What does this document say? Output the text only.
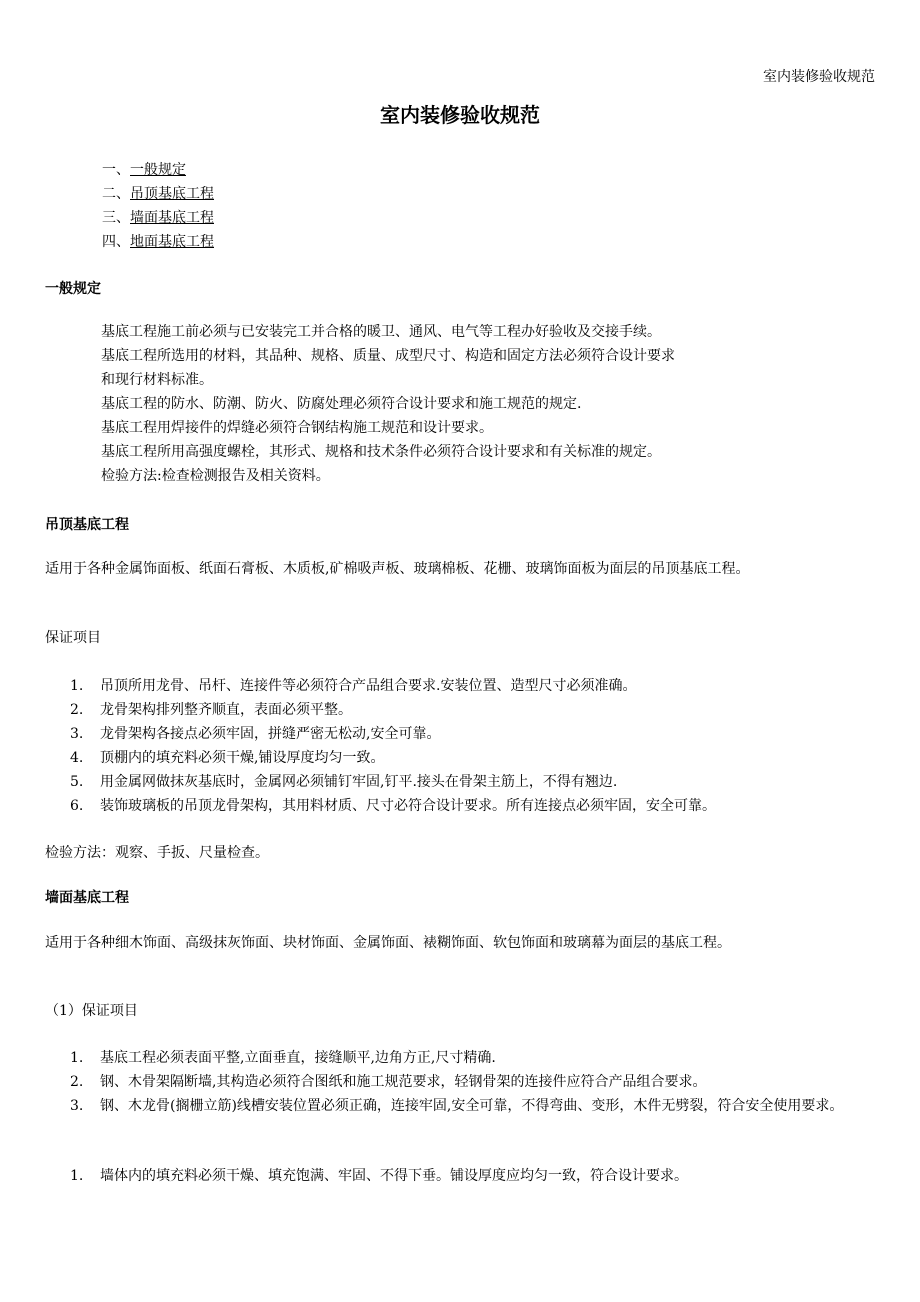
室内装修验收规范
室内装修验收规范
一、一般规定
二、吊顶基底工程
三、墙面基底工程
四、地面基底工程
一般规定
基底工程施工前必须与已安装完工并合格的暖卫、通风、电气等工程办好验收及交接手续。
基底工程所选用的材料，其品种、规格、质量、成型尺寸、构造和固定方法必须符合设计要求
和现行材料标准。
基底工程的防水、防潮、防火、防腐处理必须符合设计要求和施工规范的规定.
基底工程用焊接件的焊缝必须符合钢结构施工规范和设计要求。
基底工程所用高强度螺栓，其形式、规格和技术条件必须符合设计要求和有关标准的规定。
检验方法:检查检测报告及相关资料。
吊顶基底工程
适用于各种金属饰面板、纸面石膏板、木质板,矿棉吸声板、玻璃棉板、花栅、玻璃饰面板为面层的吊顶基底工程。
保证项目
1.	吊顶所用龙骨、吊杆、连接件等必须符合产品组合要求.安装位置、造型尺寸必须准确。
2.	龙骨架构排列整齐顺直，表面必须平整。
3.	龙骨架构各接点必须牢固，拼缝严密无松动,安全可靠。
4.	顶棚内的填充料必须干燥,铺设厚度均匀一致。
5.	用金属网做抹灰基底时，金属网必须铺钉牢固,钉平.接头在骨架主筋上，不得有翘边.
6.	装饰玻璃板的吊顶龙骨架构，其用料材质、尺寸必符合设计要求。所有连接点必须牢固，安全可靠。
检验方法：观察、手扳、尺量检查。
墙面基底工程
适用于各种细木饰面、高级抹灰饰面、块材饰面、金属饰面、裱糊饰面、软包饰面和玻璃幕为面层的基底工程。
（1）保证项目
1.	基底工程必须表面平整,立面垂直，接缝顺平,边角方正,尺寸精确.
2.	钢、木骨架隔断墙,其构造必须符合图纸和施工规范要求，轻钢骨架的连接件应符合产品组合要求。
3.	钢、木龙骨(搁栅立筋)线槽安装位置必须正确，连接牢固,安全可靠，不得弯曲、变形，木件无劈裂，符合安全使用要求。
1.	墙体内的填充料必须干燥、填充饱满、牢固、不得下垂。铺设厚度应均匀一致，符合设计要求。
